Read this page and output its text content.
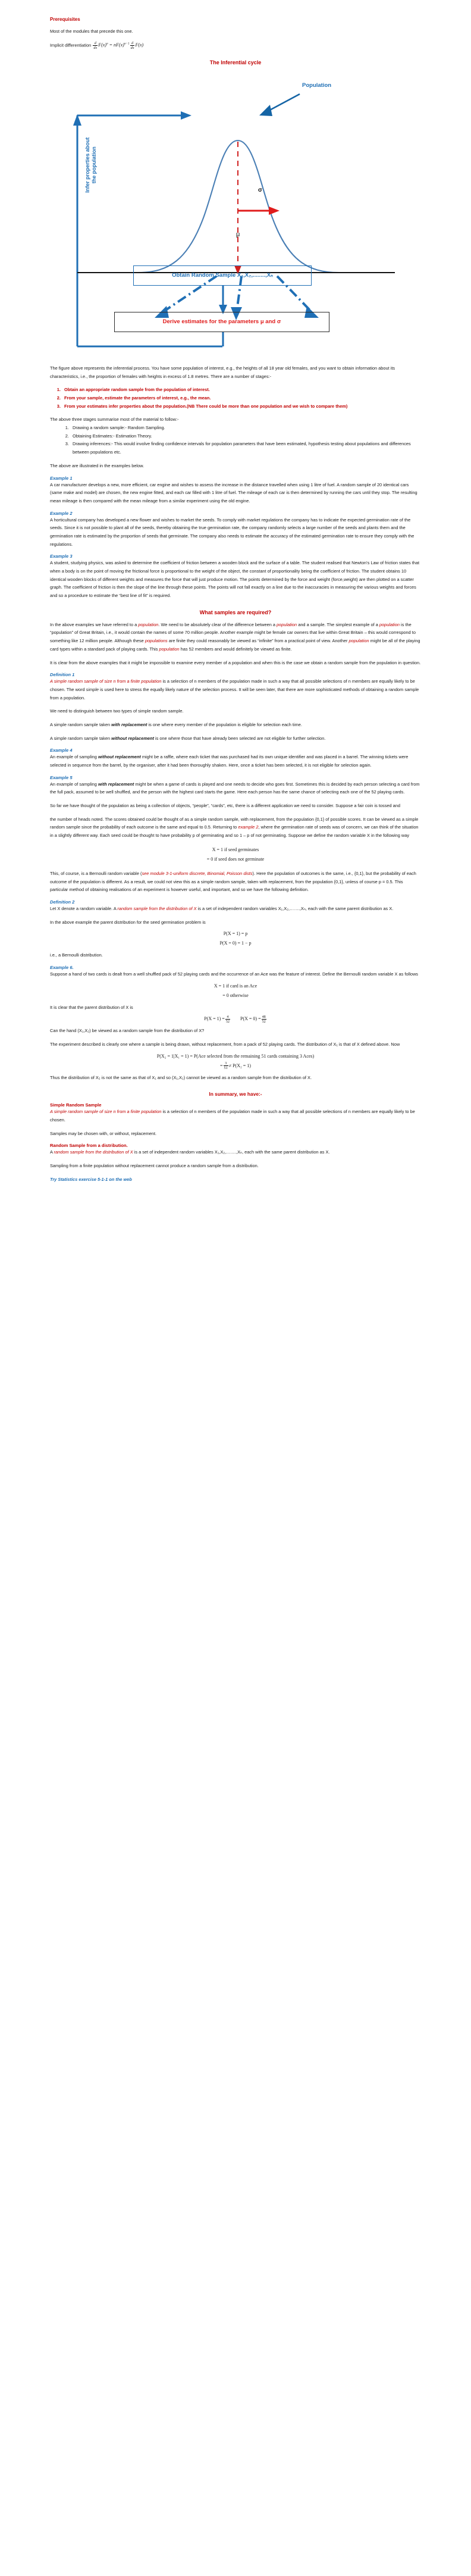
Prerequisites

Most of the modules that precede this one.

Implicit differentiation $\frac{d}{dx} F(x)^n = nF(x)^{n-1} \frac{d}{dx} F(x)$

The Inferential cycle
Infer properties about
the population
Population
σ
μ
Obtain Random Sample X₁,X₂,........,Xₙ
Derive estimates for the parameters μ and σ

The figure above represents the inferential process. You have some population of interest, e.g., the heights of all 18 year old females, and you want to obtain information about its characteristics, i.e., the proportion of females with heights in excess of 1.8 metres. There are a number of stages:-

1. Obtain an appropriate random sample from the population of interest.
2. From your sample, estimate the parameters of interest, e.g., the mean.
3. From your estimates infer properties about the population.(NB There could be more than one population and we wish to compare them)

The above three stages summarise most of the material to follow:-

1. Drawing a random sample:- Random Sampling.
2. Obtaining Estimates:- Estimation Theory.
3. Drawing inferences:- This would involve finding confidence intervals for population parameters that have been estimated, hypothesis testing about populations and differences between populations etc.

The above are illustrated in the examples below.

Example 1

A car manufacturer develops a new, more efficient, car engine and wishes to assess the increase in the distance travelled when using 1 litre of fuel. A random sample of 20 identical cars (same make and model) are chosen, the new engine fitted, and each car filled with 1 litre of fuel. The mileage of each car is then determined by running the cars until they stop. The resulting mean mileage is then compared with the mean mileage from a similar experiment using the old engine.

Example 2

A horticultural company has developed a new flower and wishes to market the seeds. To comply with market regulations the company has to indicate the expected germination rate of the seeds. Since it is not possible to plant all of the seeds, thereby obtaining the true germination rate, the company randomly selects a large number of the seeds and plants them and the germination rate is estimated by the proportion of seeds that germinate. The company also needs to estimate the accuracy of the estimated germination rate to ensure they comply with the regulations.

Example 3

A student, studying physics, was asked to determine the coefficient of friction between a wooden block and the surface of a table. The student realised that Newton's Law of friction states that when a body is on the point of moving the frictional force is proportional to the weight of the object, the constant of proportionality being the coefficient of friction. The student obtains 10 identical wooden blocks of different weights and measures the force that will just produce motion. The points determined by the force and weight (force,weight) are then plotted on a scatter graph. The coefficient of friction is then the slope of the line through these points. The points will not fall exactly on a line due to the inaccuracies in measuring the various weights and forces and so a procedure to estimate the “best line of fit” is required.

What samples are required?

In the above examples we have referred to a population. We need to be absolutely clear of the difference between a population and a sample. The simplest example of a population is the “population” of Great Britain, i.e., it would contain the names of some 70 million people. Another example might be female car owners that live within Great Britain – this would correspond to something like 12 million people. Although these populations are finite they could reasonably be viewed as “infinite” from a practical point of view. Another population might be all of the playing card types within a standard pack of playing cards. This population has 52 members and would definitely be viewed as finite.

It is clear from the above examples that it might be impossible to examine every member of a population and when this is the case we obtain a random sample from the population in question.

Definition 1

A simple random sample of size n from a finite population is a selection of n members of the population made in such a way that all possible selections of n members are equally likely to be chosen. The word simple is used here to stress the equally likely nature of the selection process. It will be seen later, that there are more sophisticated methods of obtaining a random sample from a population.

We need to distinguish between two types of simple random sample.

A simple random sample taken with replacement is one where every member of the population is eligible for selection each time.

A simple random sample taken without replacement is one where those that have already been selected are not eligible for further selection.

Example 4

An example of sampling without replacement might be a raffle, where each ticket that was purchased had its own unique identifier and was placed in a barrel. The winning tickets were selected in sequence from the barrel, by the organiser, after it had been thoroughly shaken. Here, once a ticket has been selected, it is not eligible for selection again.

Example 5

An example of sampling with replacement might be when a game of cards is played and one needs to decide who goes first. Sometimes this is decided by each person selecting a card from the full pack, assumed to be well shuffled, and the person with the highest card starts the game. Here each person has the same chance of selecting each one of the 52 playing cards.

So far we have thought of the population as being a collection of objects, “people”, “cards”, etc, there is a different application we need to consider. Suppose a fair coin is tossed and

the number of heads noted. The scores obtained could be thought of as a simple random sample, with replacement, from the population {0,1} of possible scores. It can be viewed as a simple random sample since the probability of each outcome is the same and equal to 0.5. Returning to example 2, where the germination rate of seeds was of concern, we can think of the situation in a slightly different way. Each seed could be thought to have probability p of germinating and so 1 – p of not germinating. Suppose we define the random variable X in the following way

X = 1 if seed germinates
= 0 if seed does not germinate

This, of course, is a Bernoulli random variable (see module 3-1-uniform discrete, Binomial, Poisson dists). Here the population of outcomes is the same, i.e., {0,1}, but the probability of each outcome of the population is different. As a result, we could not view this as a simple random sample, taken with replacement, from the population {0,1}, unless of course p = 0.5. This particular method of obtaining realisations of an experiment is however useful, and important, and so we have the following definition.

Definition 2

Let X denote a random variable. A random sample from the distribution of X is a set of independent random variables X₁,X₂,…….,Xₙ, each with the same parent distribution as X.

In the above example the parent distribution for the seed germination problem is

P(X = 1) = p
P(X = 0) = 1 − p

i.e., a Bernoulli distribution.

Example 6.

Suppose a hand of two cards is dealt from a well shuffled pack of 52 playing cards and the occurrence of an Ace was the feature of interest. Define the Bernoulli random variable X as follows

X = 1 if card is an Ace
= 0 otherwise

It is clear that the parent distribution of X is

$P(X = 1) = \frac{4}{52} P(X = 0) = \frac{48}{52}$

Can the hand (X₁,X₂) be viewed as a random sample from the distribution of X?

The experiment described is clearly one where a sample is being drawn, without replacement, from a pack of 52 playing cards. The distribution of X₁ is that of X defined above. Now

P(X₂ = 1|X₁ = 1) = P(Ace selected from the remaining 51 cards containing 3 Aces)
= $\frac{3}{51} \ne P(X_2 = 1)$

Thus the distribution of X₂ is not the same as that of X₁ and so (X₁,X₂) cannot be viewed as a random sample from the distribution of X.

In summary, we have:-
Simple Random Sample

A simple random sample of size n from a finite population is a selection of n members of the population made in such a way that all possible selections of n members are equally likely to be chosen.

Samples may be chosen with, or without, replacement.

Random Sample from a distribution.

A random sample from the distribution of X is a set of independent random variables X₁,X₂,…….,Xₙ, each with the same parent distribution as X.

Sampling from a finite population without replacement cannot produce a random sample from a distribution.

Try Statistics exercise 5-1-1 on the web
